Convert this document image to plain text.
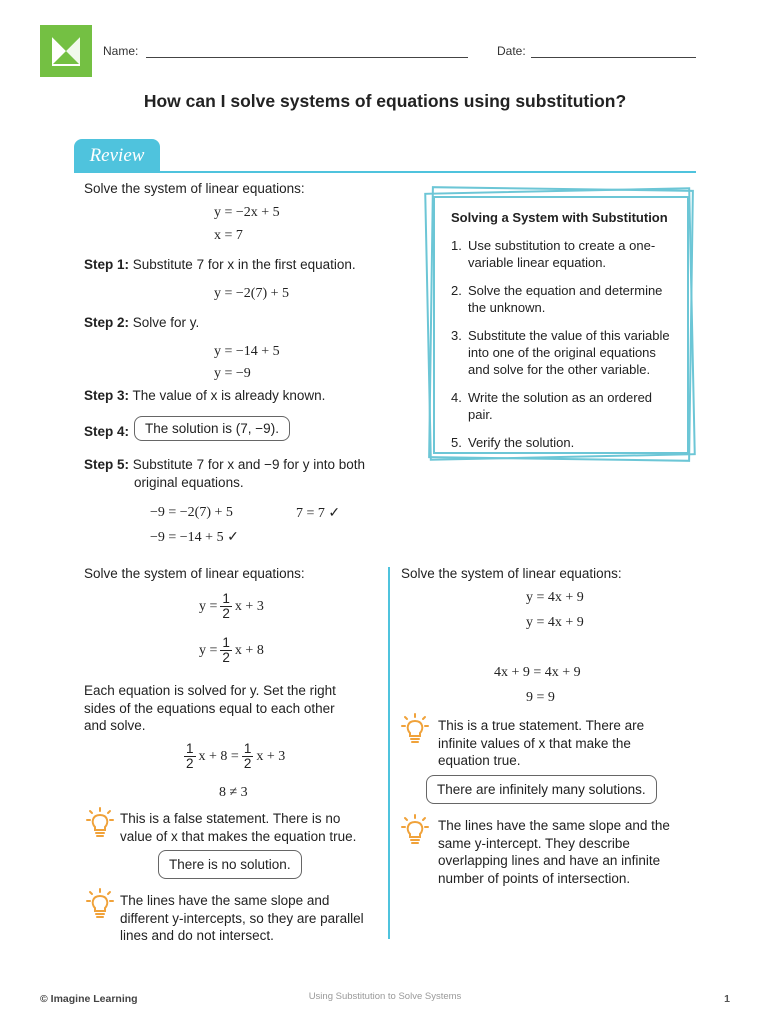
Name:	Date:
How can I solve systems of equations using substitution?
Review
Solve the system of linear equations:
y = −2x + 5
x = 7
Step 1: Substitute 7 for x in the first equation.
y = −2(7) + 5
Step 2: Solve for y.
y = −14 + 5
y = −9
Step 3: The value of x is already known.
Step 4:	The solution is (7, −9).
Step 5: Substitute 7 for x and −9 for y into both
original equations.
−9 = −2(7) + 5	7 = 7 ✓
−9 = −14 + 5 ✓
Solving a System with Substitution
1. Use substitution to create a one-variable linear equation.
2. Solve the equation and determine the unknown.
3. Substitute the value of this variable into one of the original equations and solve for the other variable.
4. Write the solution as an ordered pair.
5. Verify the solution.
Solve the system of linear equations:
$y = \frac{1}{2}$ x + 3
$y = \frac{1}{2}$ x + 8
Each equation is solved for y. Set the right sides of the equations equal to each other and solve.
$\frac{1}{2}$ $x + 8 = \frac{1}{2}$ x + 3
8 ≠ 3
This is a false statement. There is no value of x that makes the equation true.
There is no solution.
The lines have the same slope and different y-intercepts, so they are parallel lines and do not intersect.
Solve the system of linear equations:
y = 4x + 9
y = 4x + 9
4x + 9 = 4x + 9
9 = 9
This is a true statement. There are infinite values of x that make the equation true.
There are infinitely many solutions.
The lines have the same slope and the same y-intercept. They describe overlapping lines and have an infinite number of points of intersection.
© Imagine Learning	Using Substitution to Solve Systems	1
